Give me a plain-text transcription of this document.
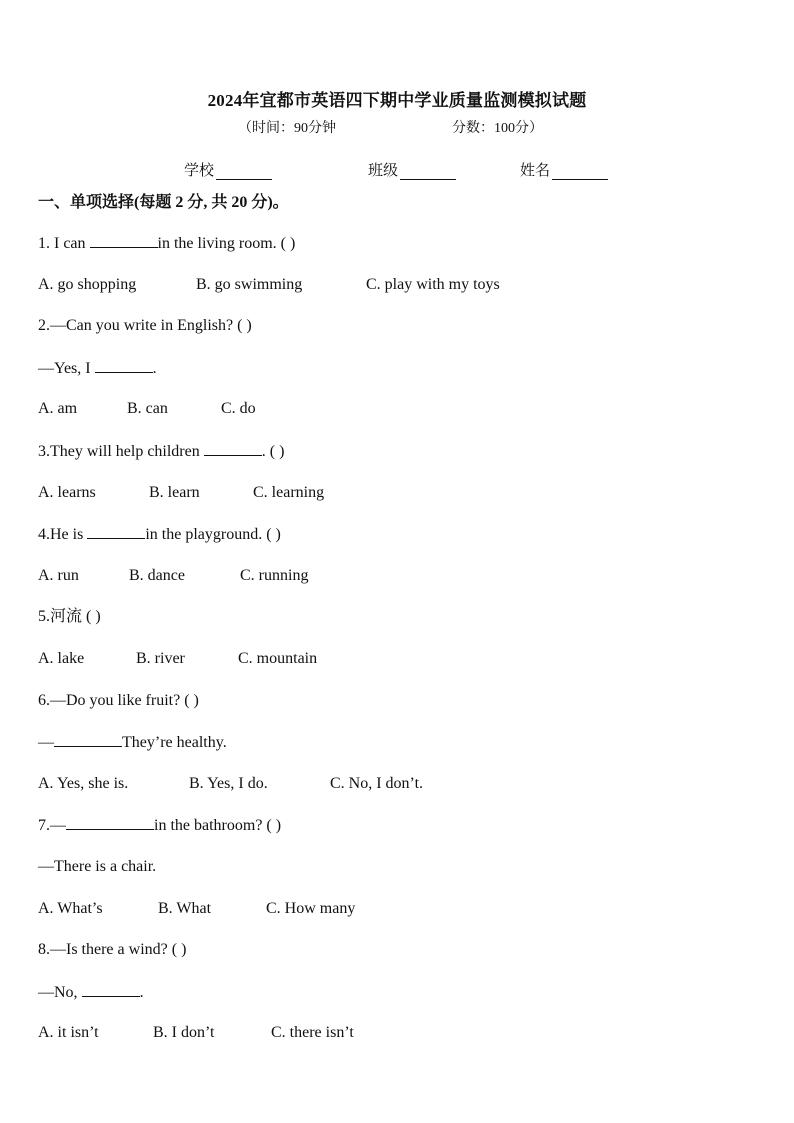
2024年宜都市英语四下期中学业质量监测模拟试题
（时间：90分钟	分数：100分）
学校	班级	姓名
一、单项选择(每题 2 分, 共 20 分)。
1. I can	in the living room. ( )
A. go shopping	B. go swimming	C. play with my toys
2.—Can you write in English? ( )
—Yes, I	.
A. am	B. can	C. do
3.They will help children	. ( )
A. learns	B. learn	C. learning
4.He is	in the playground. ( )
A. run	B. dance	C. running
5.河流 ( )
A. lake	B. river	C. mountain
6.—Do you like fruit? ( )
—	They’re healthy.
A. Yes, she is.	B. Yes, I do.	C. No, I don’t.
7.—	in the bathroom? ( )
—There is a chair.
A. What’s	B. What	C. How many
8.—Is there a wind? ( )
—No,	.
A. it isn’t	B. I don’t	C. there isn’t
